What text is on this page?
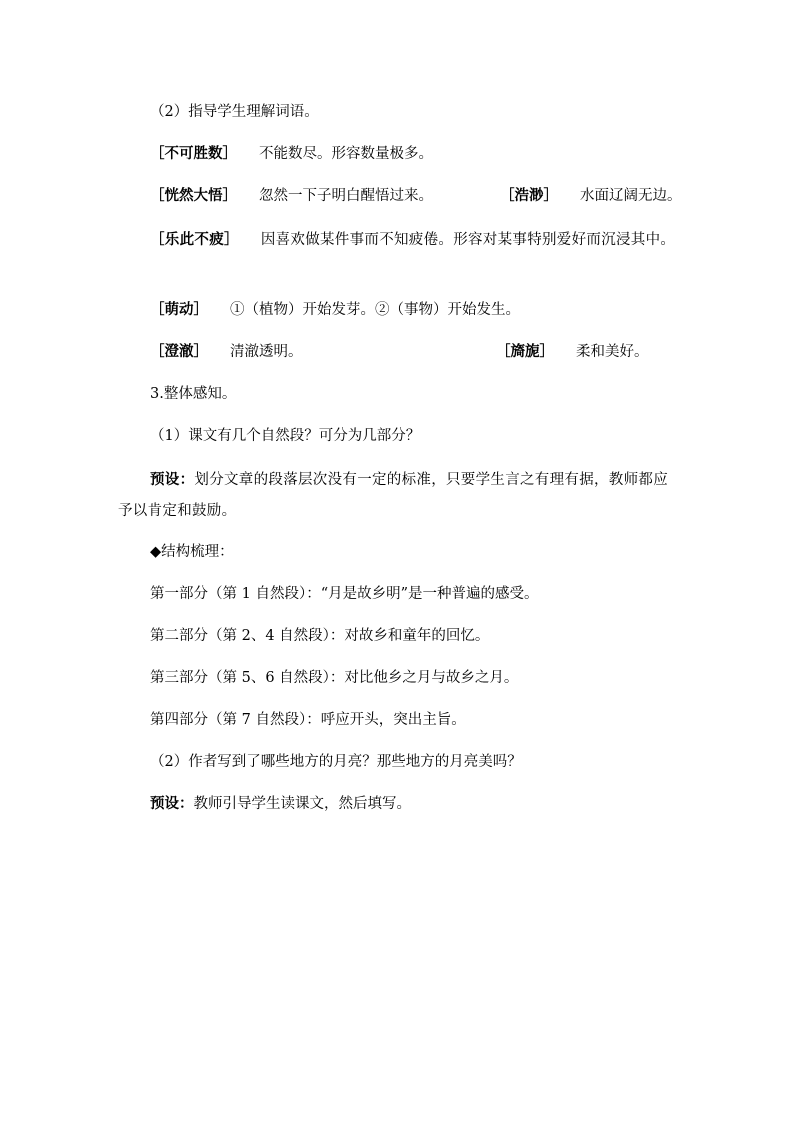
（2）指导学生理解词语。
［不可胜数］ 不能数尽。形容数量极多。
［恍然大悟］ 忽然一下子明白醒悟过来。	［浩渺］ 水面辽阔无边。
［乐此不疲］ 因喜欢做某件事而不知疲倦。形容对某事特别爱好而沉浸其中。
［萌动］ ①（植物）开始发芽。②（事物）开始发生。
［澄澈］ 清澈透明。	［旖旎］ 柔和美好。
3.整体感知。
（1）课文有几个自然段？可分为几部分？
预设：划分文章的段落层次没有一定的标准，只要学生言之有理有据，教师都应予以肯定和鼓励。
◆结构梳理：
第一部分（第 1 自然段）：“月是故乡明”是一种普遍的感受。
第二部分（第 2、4 自然段）：对故乡和童年的回忆。
第三部分（第 5、6 自然段）：对比他乡之月与故乡之月。
第四部分（第 7 自然段）：呼应开头，突出主旨。
（2）作者写到了哪些地方的月亮？那些地方的月亮美吗？
预设：教师引导学生读课文，然后填写。
